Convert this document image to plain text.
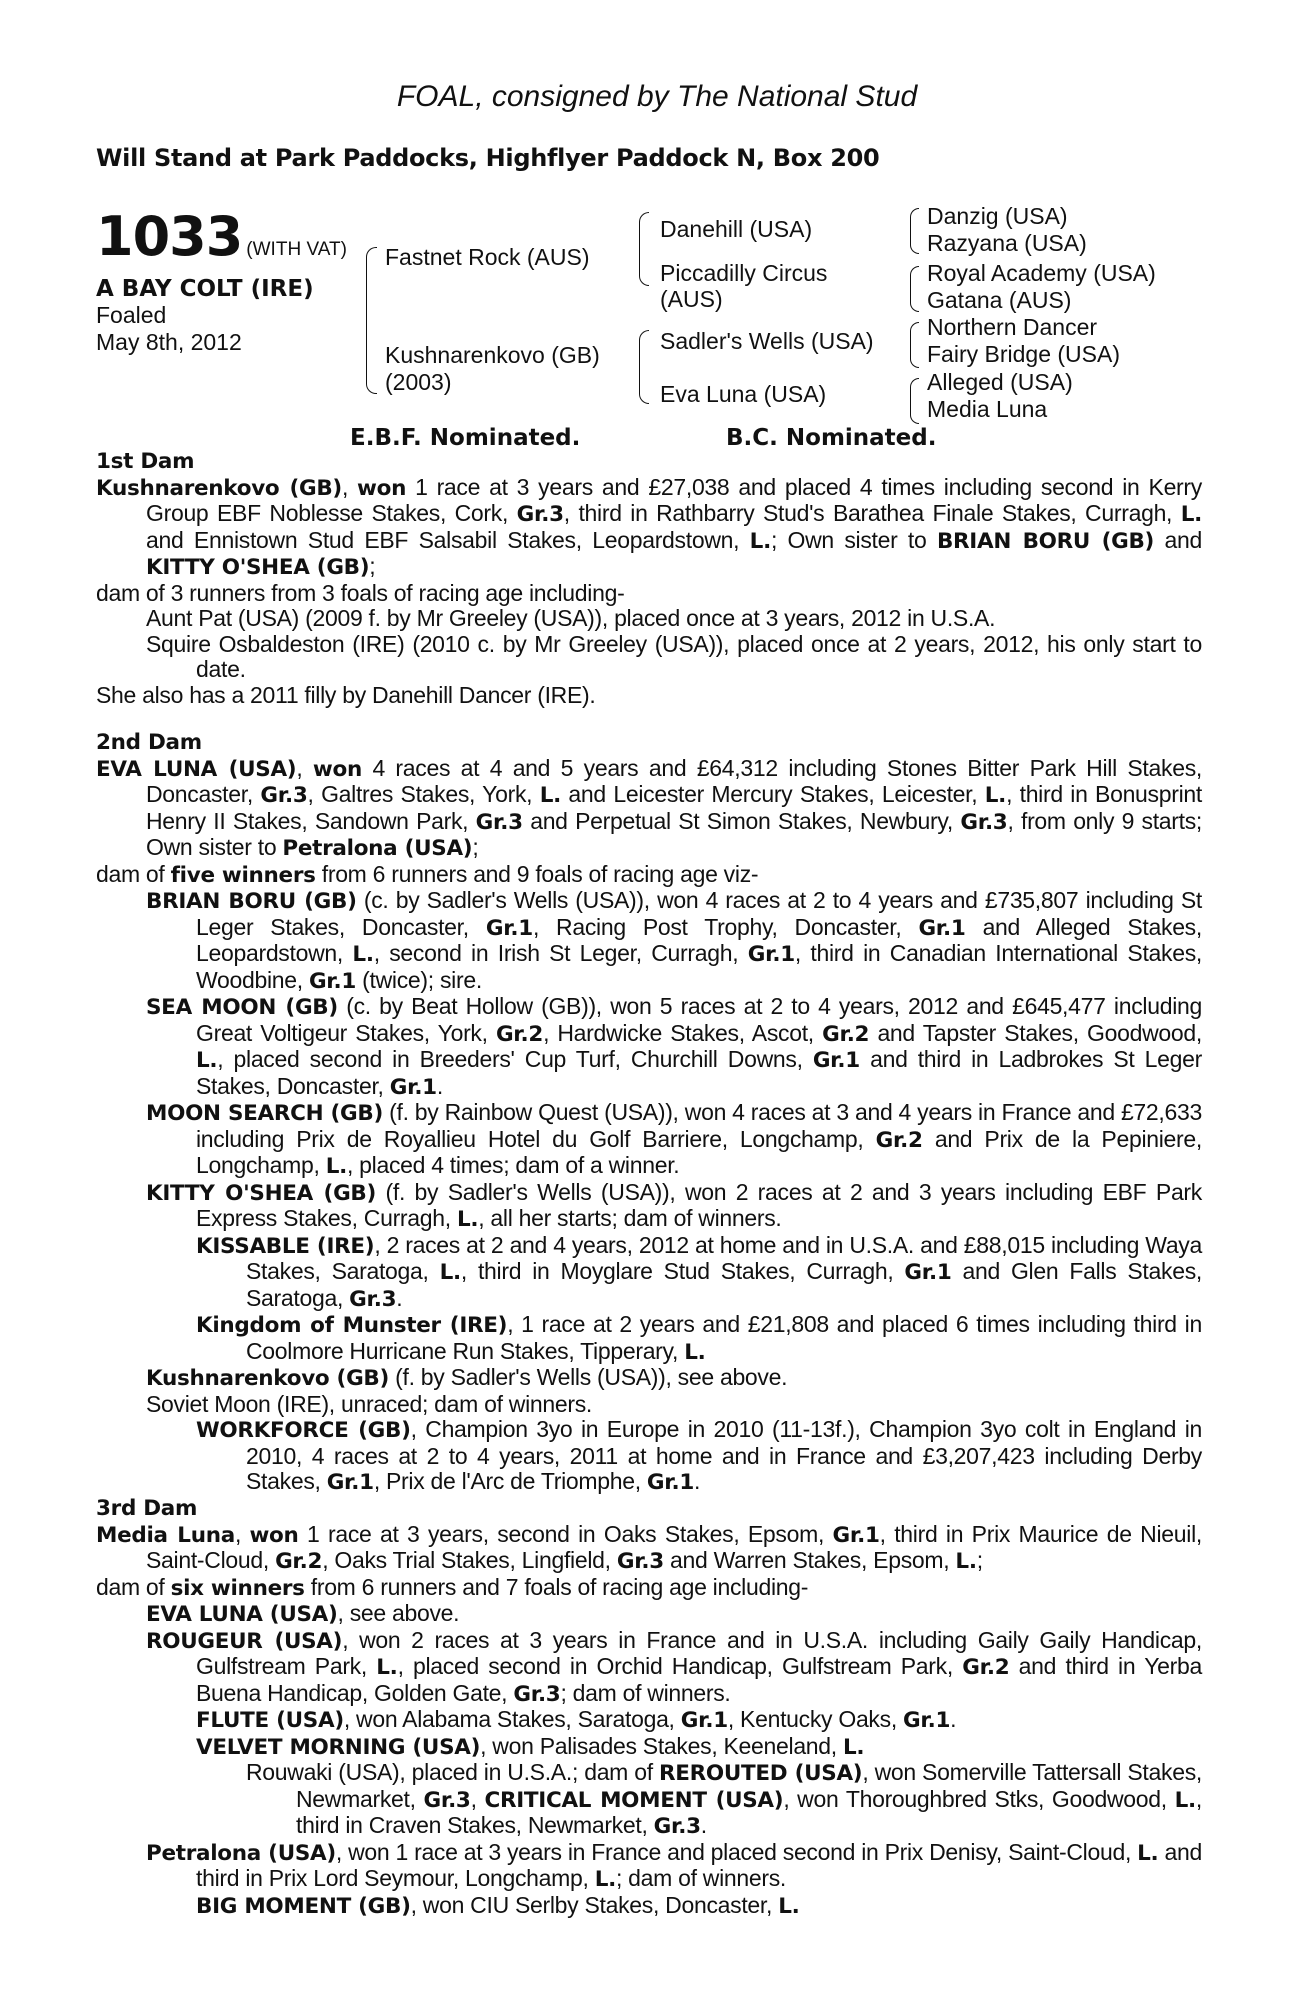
FOAL, consigned by The National Stud
Will Stand at Park Paddocks, Highflyer Paddock N, Box 200
1033 (WITH VAT)
A BAY COLT (IRE)
Foaled
May 8th, 2012
Fastnet Rock (AUS)
Kushnarenkovo (GB)
(2003)
Danehill (USA)
Piccadilly Circus
(AUS)
Sadler's Wells (USA)
Eva Luna (USA)
Danzig (USA)
Razyana (USA)
Royal Academy (USA)
Gatana (AUS)
Northern Dancer
Fairy Bridge (USA)
Alleged (USA)
Media Luna
E.B.F. Nominated.	B.C. Nominated.
1st Dam
Kushnarenkovo (GB), won 1 race at 3 years and £27,038 and placed 4 times including second in Kerry Group EBF Noblesse Stakes, Cork, Gr.3, third in Rathbarry Stud's Barathea Finale Stakes, Curragh, L. and Ennistown Stud EBF Salsabil Stakes, Leopardstown, L.; Own sister to BRIAN BORU (GB) and KITTY O'SHEA (GB);
dam of 3 runners from 3 foals of racing age including-
Aunt Pat (USA) (2009 f. by Mr Greeley (USA)), placed once at 3 years, 2012 in U.S.A.
Squire Osbaldeston (IRE) (2010 c. by Mr Greeley (USA)), placed once at 2 years, 2012, his only start to date.
She also has a 2011 filly by Danehill Dancer (IRE).
2nd Dam
EVA LUNA (USA), won 4 races at 4 and 5 years and £64,312 including Stones Bitter Park Hill Stakes, Doncaster, Gr.3, Galtres Stakes, York, L. and Leicester Mercury Stakes, Leicester, L., third in Bonusprint Henry II Stakes, Sandown Park, Gr.3 and Perpetual St Simon Stakes, Newbury, Gr.3, from only 9 starts; Own sister to Petralona (USA);
dam of five winners from 6 runners and 9 foals of racing age viz-
BRIAN BORU (GB) (c. by Sadler's Wells (USA)), won 4 races at 2 to 4 years and £735,807 including St Leger Stakes, Doncaster, Gr.1, Racing Post Trophy, Doncaster, Gr.1 and Alleged Stakes, Leopardstown, L., second in Irish St Leger, Curragh, Gr.1, third in Canadian International Stakes, Woodbine, Gr.1 (twice); sire.
SEA MOON (GB) (c. by Beat Hollow (GB)), won 5 races at 2 to 4 years, 2012 and £645,477 including Great Voltigeur Stakes, York, Gr.2, Hardwicke Stakes, Ascot, Gr.2 and Tapster Stakes, Goodwood, L., placed second in Breeders' Cup Turf, Churchill Downs, Gr.1 and third in Ladbrokes St Leger Stakes, Doncaster, Gr.1.
MOON SEARCH (GB) (f. by Rainbow Quest (USA)), won 4 races at 3 and 4 years in France and £72,633 including Prix de Royallieu Hotel du Golf Barriere, Longchamp, Gr.2 and Prix de la Pepiniere, Longchamp, L., placed 4 times; dam of a winner.
KITTY O'SHEA (GB) (f. by Sadler's Wells (USA)), won 2 races at 2 and 3 years including EBF Park Express Stakes, Curragh, L., all her starts; dam of winners.
KISSABLE (IRE), 2 races at 2 and 4 years, 2012 at home and in U.S.A. and £88,015 including Waya Stakes, Saratoga, L., third in Moyglare Stud Stakes, Curragh, Gr.1 and Glen Falls Stakes, Saratoga, Gr.3.
Kingdom of Munster (IRE), 1 race at 2 years and £21,808 and placed 6 times including third in Coolmore Hurricane Run Stakes, Tipperary, L.
Kushnarenkovo (GB) (f. by Sadler's Wells (USA)), see above.
Soviet Moon (IRE), unraced; dam of winners.
WORKFORCE (GB), Champion 3yo in Europe in 2010 (11-13f.), Champion 3yo colt in England in 2010, 4 races at 2 to 4 years, 2011 at home and in France and £3,207,423 including Derby Stakes, Gr.1, Prix de l'Arc de Triomphe, Gr.1.
3rd Dam
Media Luna, won 1 race at 3 years, second in Oaks Stakes, Epsom, Gr.1, third in Prix Maurice de Nieuil, Saint-Cloud, Gr.2, Oaks Trial Stakes, Lingfield, Gr.3 and Warren Stakes, Epsom, L.;
dam of six winners from 6 runners and 7 foals of racing age including-
EVA LUNA (USA), see above.
ROUGEUR (USA), won 2 races at 3 years in France and in U.S.A. including Gaily Gaily Handicap, Gulfstream Park, L., placed second in Orchid Handicap, Gulfstream Park, Gr.2 and third in Yerba Buena Handicap, Golden Gate, Gr.3; dam of winners.
FLUTE (USA), won Alabama Stakes, Saratoga, Gr.1, Kentucky Oaks, Gr.1.
VELVET MORNING (USA), won Palisades Stakes, Keeneland, L.
Rouwaki (USA), placed in U.S.A.; dam of REROUTED (USA), won Somerville Tattersall Stakes, Newmarket, Gr.3, CRITICAL MOMENT (USA), won Thoroughbred Stks, Goodwood, L., third in Craven Stakes, Newmarket, Gr.3.
Petralona (USA), won 1 race at 3 years in France and placed second in Prix Denisy, Saint-Cloud, L. and third in Prix Lord Seymour, Longchamp, L.; dam of winners.
BIG MOMENT (GB), won CIU Serlby Stakes, Doncaster, L.
